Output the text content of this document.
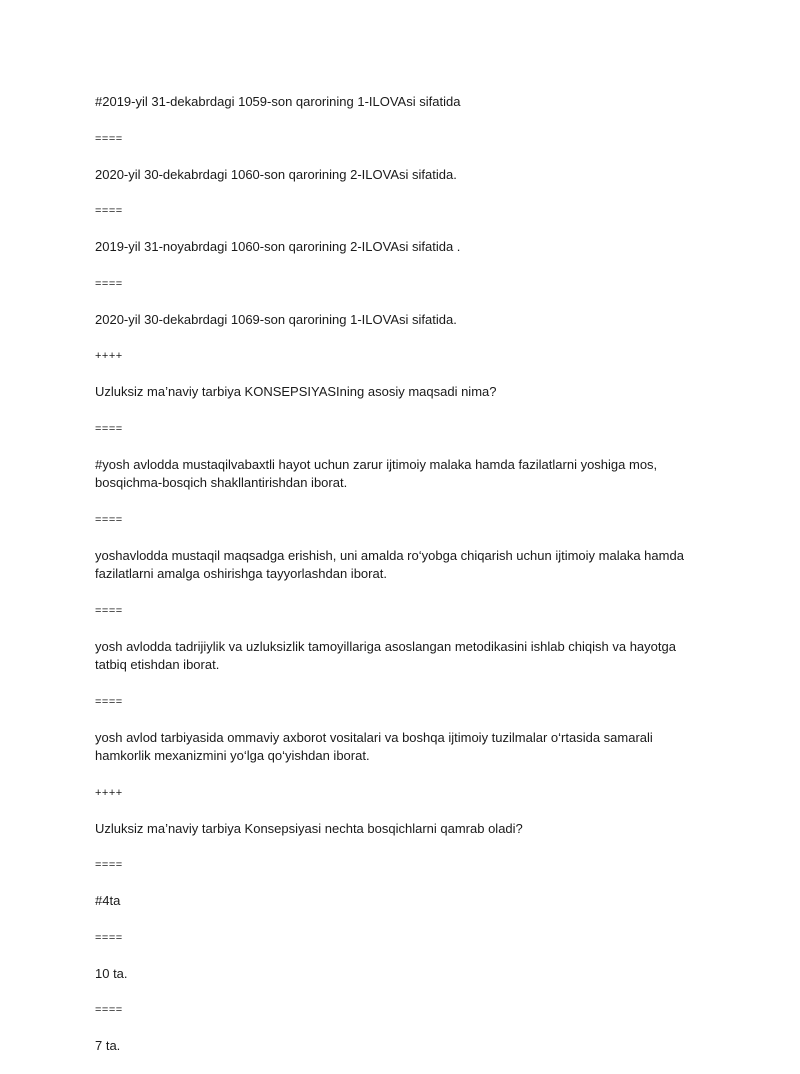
#2019-yil 31-dekabrdagi 1059-son qarorining 1-ILOVAsi sifatida

====

2020-yil 30-dekabrdagi 1060-son qarorining 2-ILOVAsi sifatida.

====

2019-yil 31-noyabrdagi 1060-son qarorining 2-ILOVAsi sifatida .

====

2020-yil 30-dekabrdagi 1069-son qarorining 1-ILOVAsi sifatida.

++++

Uzluksiz ma’naviy tarbiya KONSEPSIYASIning asosiy maqsadi nima?

====

#yosh avlodda mustaqilvabaxtli hayot uchun zarur ijtimoiy malaka hamda fazilatlarni yoshiga mos, bosqichma-bosqich shakllantirishdan iborat.

====

yoshavlodda mustaqil maqsadga erishish, uni amalda ro‘yobga chiqarish uchun ijtimoiy malaka hamda fazilatlarni amalga oshirishga tayyorlashdan iborat.

====

yosh avlodda tadrijiylik va uzluksizlik tamoyillariga asoslangan metodikasini ishlab chiqish va hayotga tatbiq etishdan iborat.

====

yosh avlod tarbiyasida ommaviy axborot vositalari va boshqa ijtimoiy tuzilmalar o‘rtasida samarali hamkorlik mexanizmini yo‘lga qo‘yishdan iborat.

++++

Uzluksiz ma’naviy tarbiya Konsepsiyasi nechta bosqichlarni qamrab oladi?

====

#4ta

====

10 ta.

====

7 ta.
